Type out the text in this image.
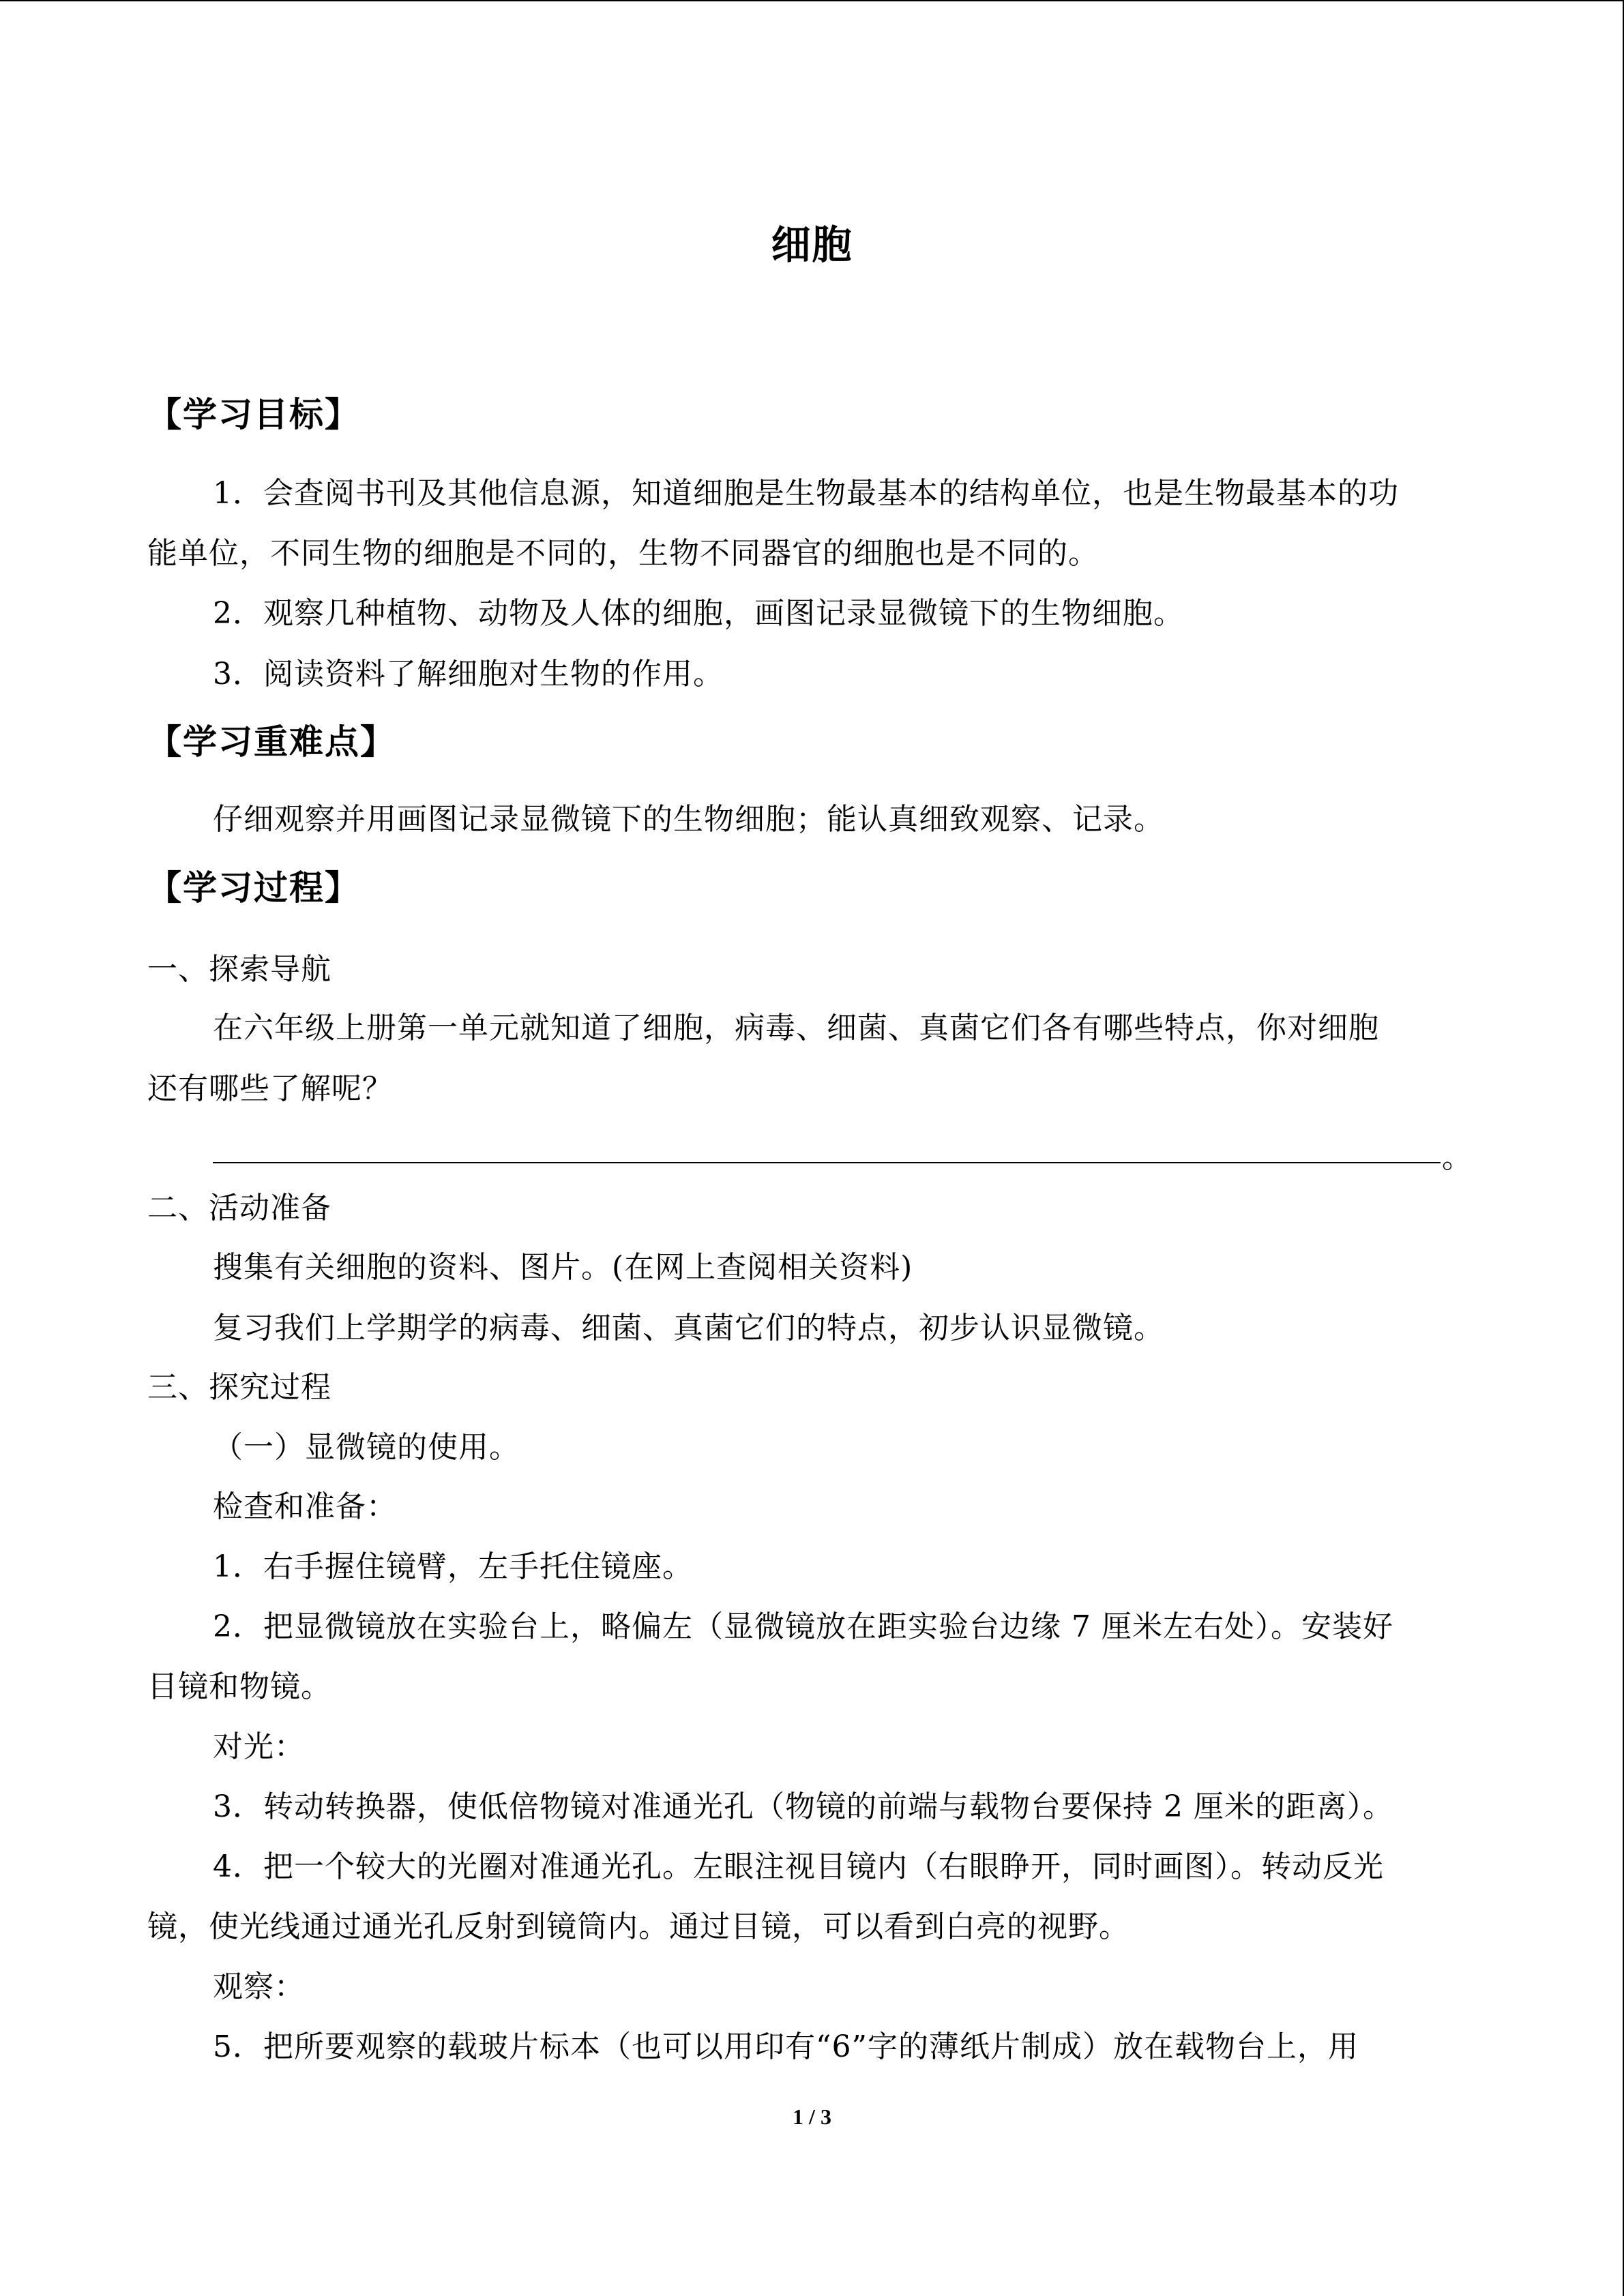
细胞
【学习目标】
1．会查阅书刊及其他信息源，知道细胞是生物最基本的结构单位，也是生物最基本的功
能单位，不同生物的细胞是不同的，生物不同器官的细胞也是不同的。
2．观察几种植物、动物及人体的细胞，画图记录显微镜下的生物细胞。
3．阅读资料了解细胞对生物的作用。
【学习重难点】
仔细观察并用画图记录显微镜下的生物细胞；能认真细致观察、记录。
【学习过程】
一、探索导航
在六年级上册第一单元就知道了细胞，病毒、细菌、真菌它们各有哪些特点，你对细胞
还有哪些了解呢？
。
二、活动准备
搜集有关细胞的资料、图片。(在网上查阅相关资料)
复习我们上学期学的病毒、细菌、真菌它们的特点，初步认识显微镜。
三、探究过程
（一）显微镜的使用。
检查和准备：
1．右手握住镜臂，左手托住镜座。
2．把显微镜放在实验台上，略偏左（显微镜放在距实验台边缘 7 厘米左右处）。安装好
目镜和物镜。
对光：
3．转动转换器，使低倍物镜对准通光孔（物镜的前端与载物台要保持 2 厘米的距离）。
4．把一个较大的光圈对准通光孔。左眼注视目镜内（右眼睁开，同时画图）。转动反光
镜，使光线通过通光孔反射到镜筒内。通过目镜，可以看到白亮的视野。
观察：
5．把所要观察的载玻片标本（也可以用印有“6”字的薄纸片制成）放在载物台上，用
1 / 3
